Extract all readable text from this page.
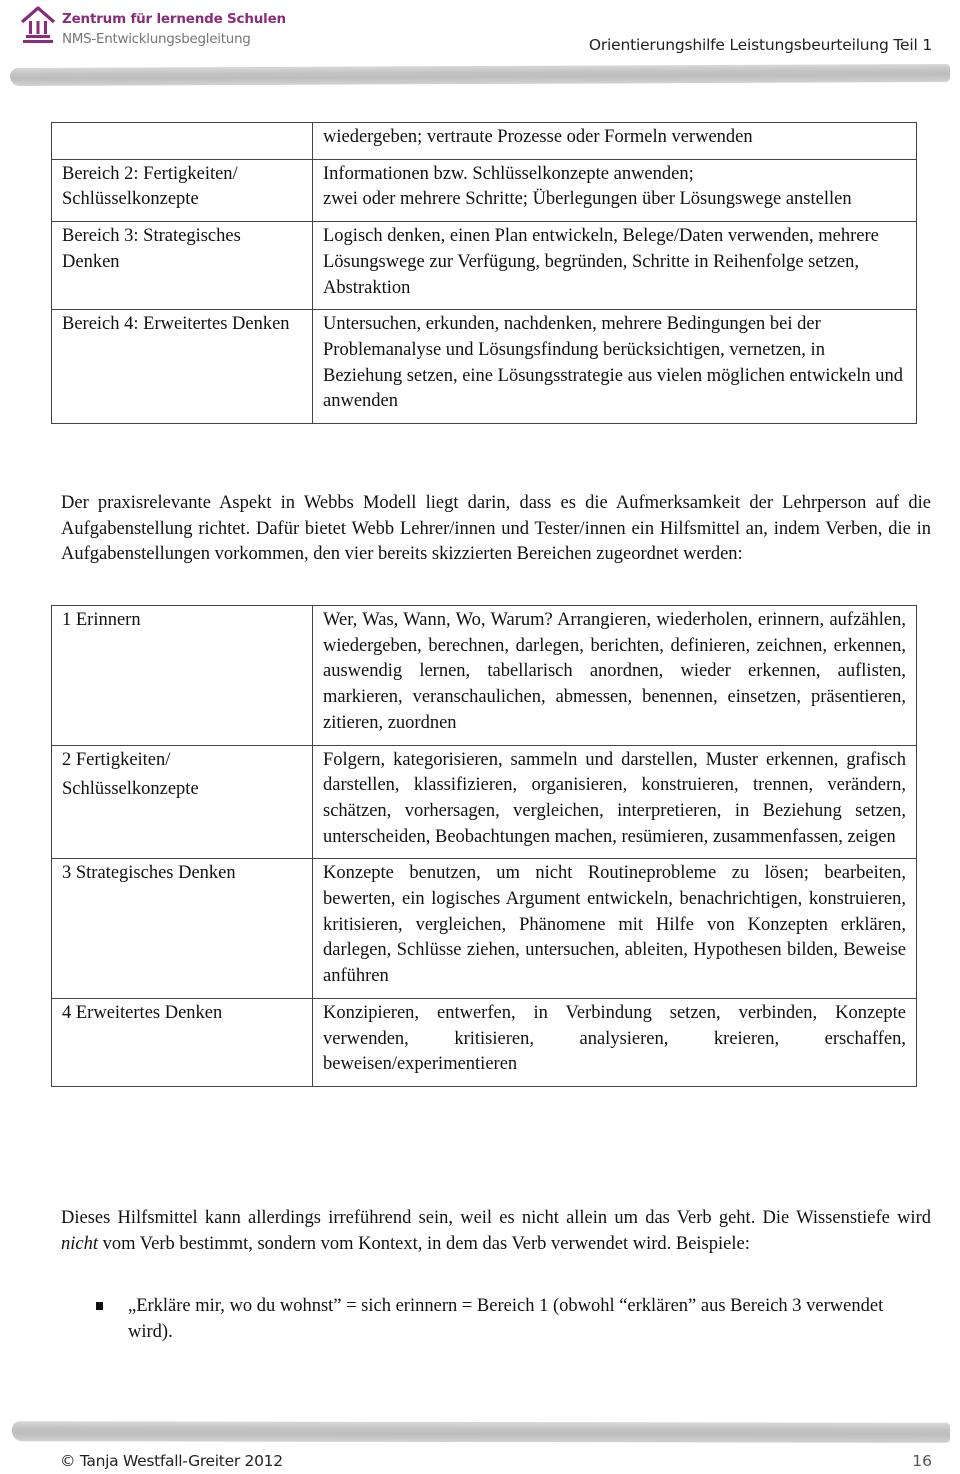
Zentrum für lernende Schulen
NMS-Entwicklungsbegleitung	Orientierungshilfe Leistungsbeurteilung Teil 1
	wiedergeben; vertraute Prozesse oder Formeln verwenden
Bereich 2: Fertigkeiten/ Schlüsselkonzepte	Informationen bzw. Schlüsselkonzepte anwenden;
zwei oder mehrere Schritte; Überlegungen über Lösungswege anstellen
Bereich 3: Strategisches Denken	Logisch denken, einen Plan entwickeln, Belege/Daten verwenden, mehrere Lösungswege zur Verfügung, begründen, Schritte in Reihenfolge setzen, Abstraktion
Bereich 4: Erweitertes Denken	Untersuchen, erkunden, nachdenken, mehrere Bedingungen bei der Problemanalyse und Lösungsfindung berücksichtigen, vernetzen, in Beziehung setzen, eine Lösungsstrategie aus vielen möglichen entwickeln und anwenden
Der praxisrelevante Aspekt in Webbs Modell liegt darin, dass es die Aufmerksamkeit der Lehrperson auf die Aufgabenstellung richtet. Dafür bietet Webb Lehrer/innen und Tester/innen ein Hilfsmittel an, indem Verben, die in Aufgabenstellungen vorkommen, den vier bereits skizzierten Bereichen zugeordnet werden:
1 Erinnern	Wer, Was, Wann, Wo, Warum? Arrangieren, wiederholen, erinnern, aufzählen, wiedergeben, berechnen, darlegen, berichten, definieren, zeichnen, erkennen, auswendig lernen, tabellarisch anordnen, wieder erkennen, auflisten, markieren, veranschaulichen, abmessen, benennen, einsetzen, präsentieren, zitieren, zuordnen
2 Fertigkeiten/
Schlüsselkonzepte	Folgern, kategorisieren, sammeln und darstellen, Muster erkennen, grafisch darstellen, klassifizieren, organisieren, konstruieren, trennen, verändern, schätzen, vorhersagen, vergleichen, interpretieren, in Beziehung setzen, unterscheiden, Beobachtungen machen, resümieren, zusammenfassen, zeigen
3 Strategisches Denken	Konzepte benutzen, um nicht Routineprobleme zu lösen; bearbeiten, bewerten, ein logisches Argument entwickeln, benachrichtigen, konstruieren, kritisieren, vergleichen, Phänomene mit Hilfe von Konzepten erklären, darlegen, Schlüsse ziehen, untersuchen, ableiten, Hypothesen bilden, Beweise anführen
4 Erweitertes Denken	Konzipieren, entwerfen, in Verbindung setzen, verbinden, Konzepte verwenden, kritisieren, analysieren, kreieren, erschaffen, beweisen/experimentieren
Dieses Hilfsmittel kann allerdings irreführend sein, weil es nicht allein um das Verb geht. Die Wissenstiefe wird nicht vom Verb bestimmt, sondern vom Kontext, in dem das Verb verwendet wird. Beispiele:
„Erkläre mir, wo du wohnst” = sich erinnern = Bereich 1 (obwohl “erklären” aus Bereich 3 verwendet wird).
© Tanja Westfall-Greiter 2012	16
